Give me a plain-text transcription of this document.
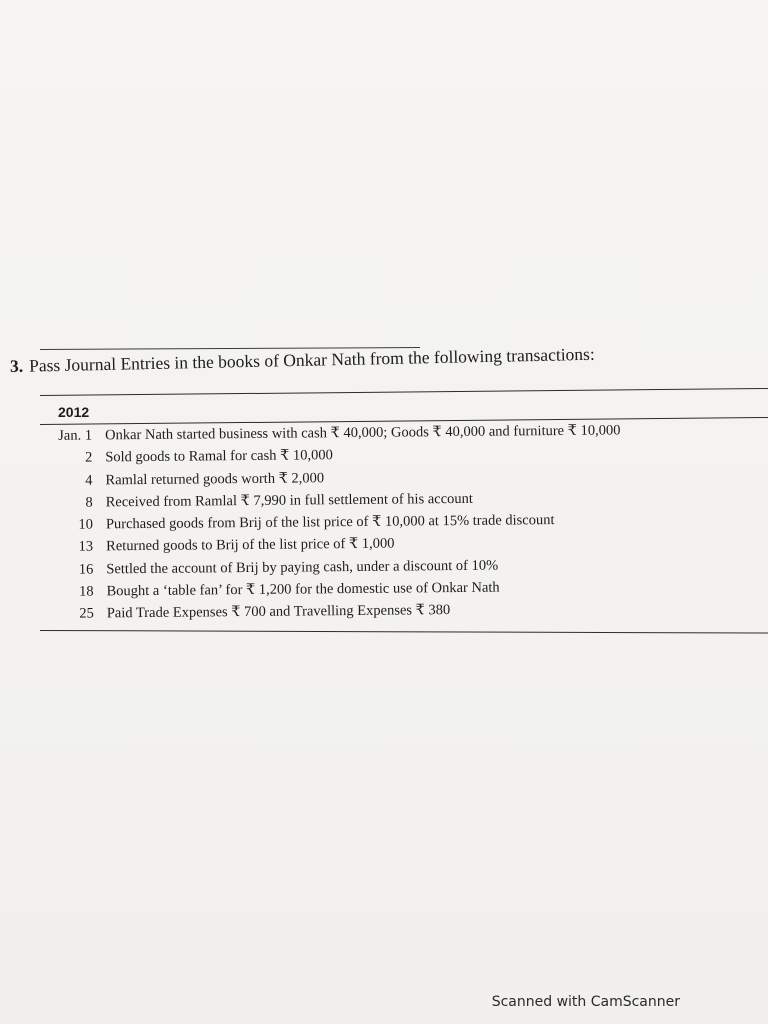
3. Pass Journal Entries in the books of Onkar Nath from the following transactions:
2012
Jan. 1 Onkar Nath started business with cash ₹ 40,000; Goods ₹ 40,000 and furniture ₹ 10,000
2 Sold goods to Ramal for cash ₹ 10,000
4 Ramlal returned goods worth ₹ 2,000
8 Received from Ramlal ₹ 7,990 in full settlement of his account
10 Purchased goods from Brij of the list price of ₹ 10,000 at 15% trade discount
13 Returned goods to Brij of the list price of ₹ 1,000
16 Settled the account of Brij by paying cash, under a discount of 10%
18 Bought a ‘table fan’ for ₹ 1,200 for the domestic use of Onkar Nath
25 Paid Trade Expenses ₹ 700 and Travelling Expenses ₹ 380
Scanned with CamScanner
